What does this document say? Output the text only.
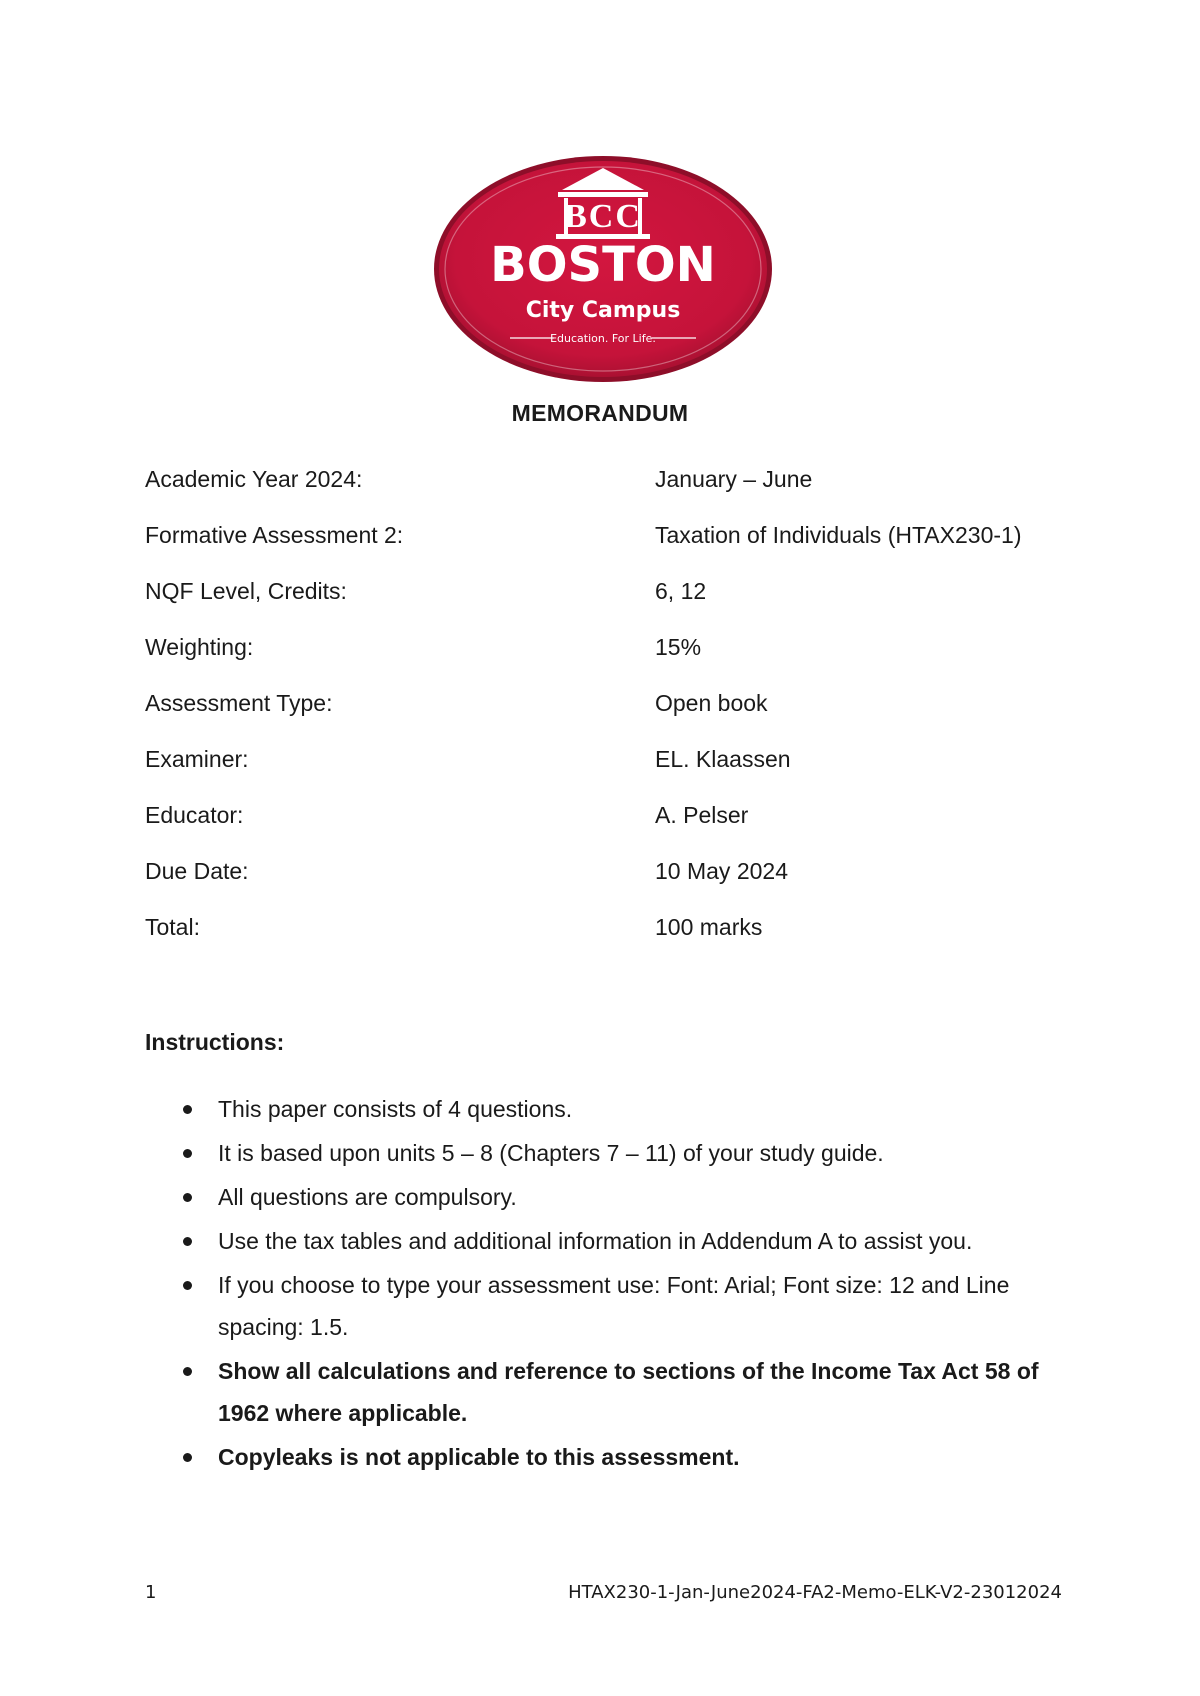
BCC
BOSTON
City Campus
Education. For Life.
MEMORANDUM
Academic Year 2024:	January – June
Formative Assessment 2:	Taxation of Individuals (HTAX230-1)
NQF Level, Credits:	6, 12
Weighting:	15%
Assessment Type:	Open book
Examiner:	EL. Klaassen
Educator:	A. Pelser
Due Date:	10 May 2024
Total:	100 marks
Instructions:
This paper consists of 4 questions.
It is based upon units 5 – 8 (Chapters 7 – 11) of your study guide.
All questions are compulsory.
Use the tax tables and additional information in Addendum A to assist you.
If you choose to type your assessment use: Font: Arial; Font size: 12 and Line spacing: 1.5.
Show all calculations and reference to sections of the Income Tax Act 58 of 1962 where applicable.
Copyleaks is not applicable to this assessment.
1	HTAX230-1-Jan-June2024-FA2-Memo-ELK-V2-23012024
